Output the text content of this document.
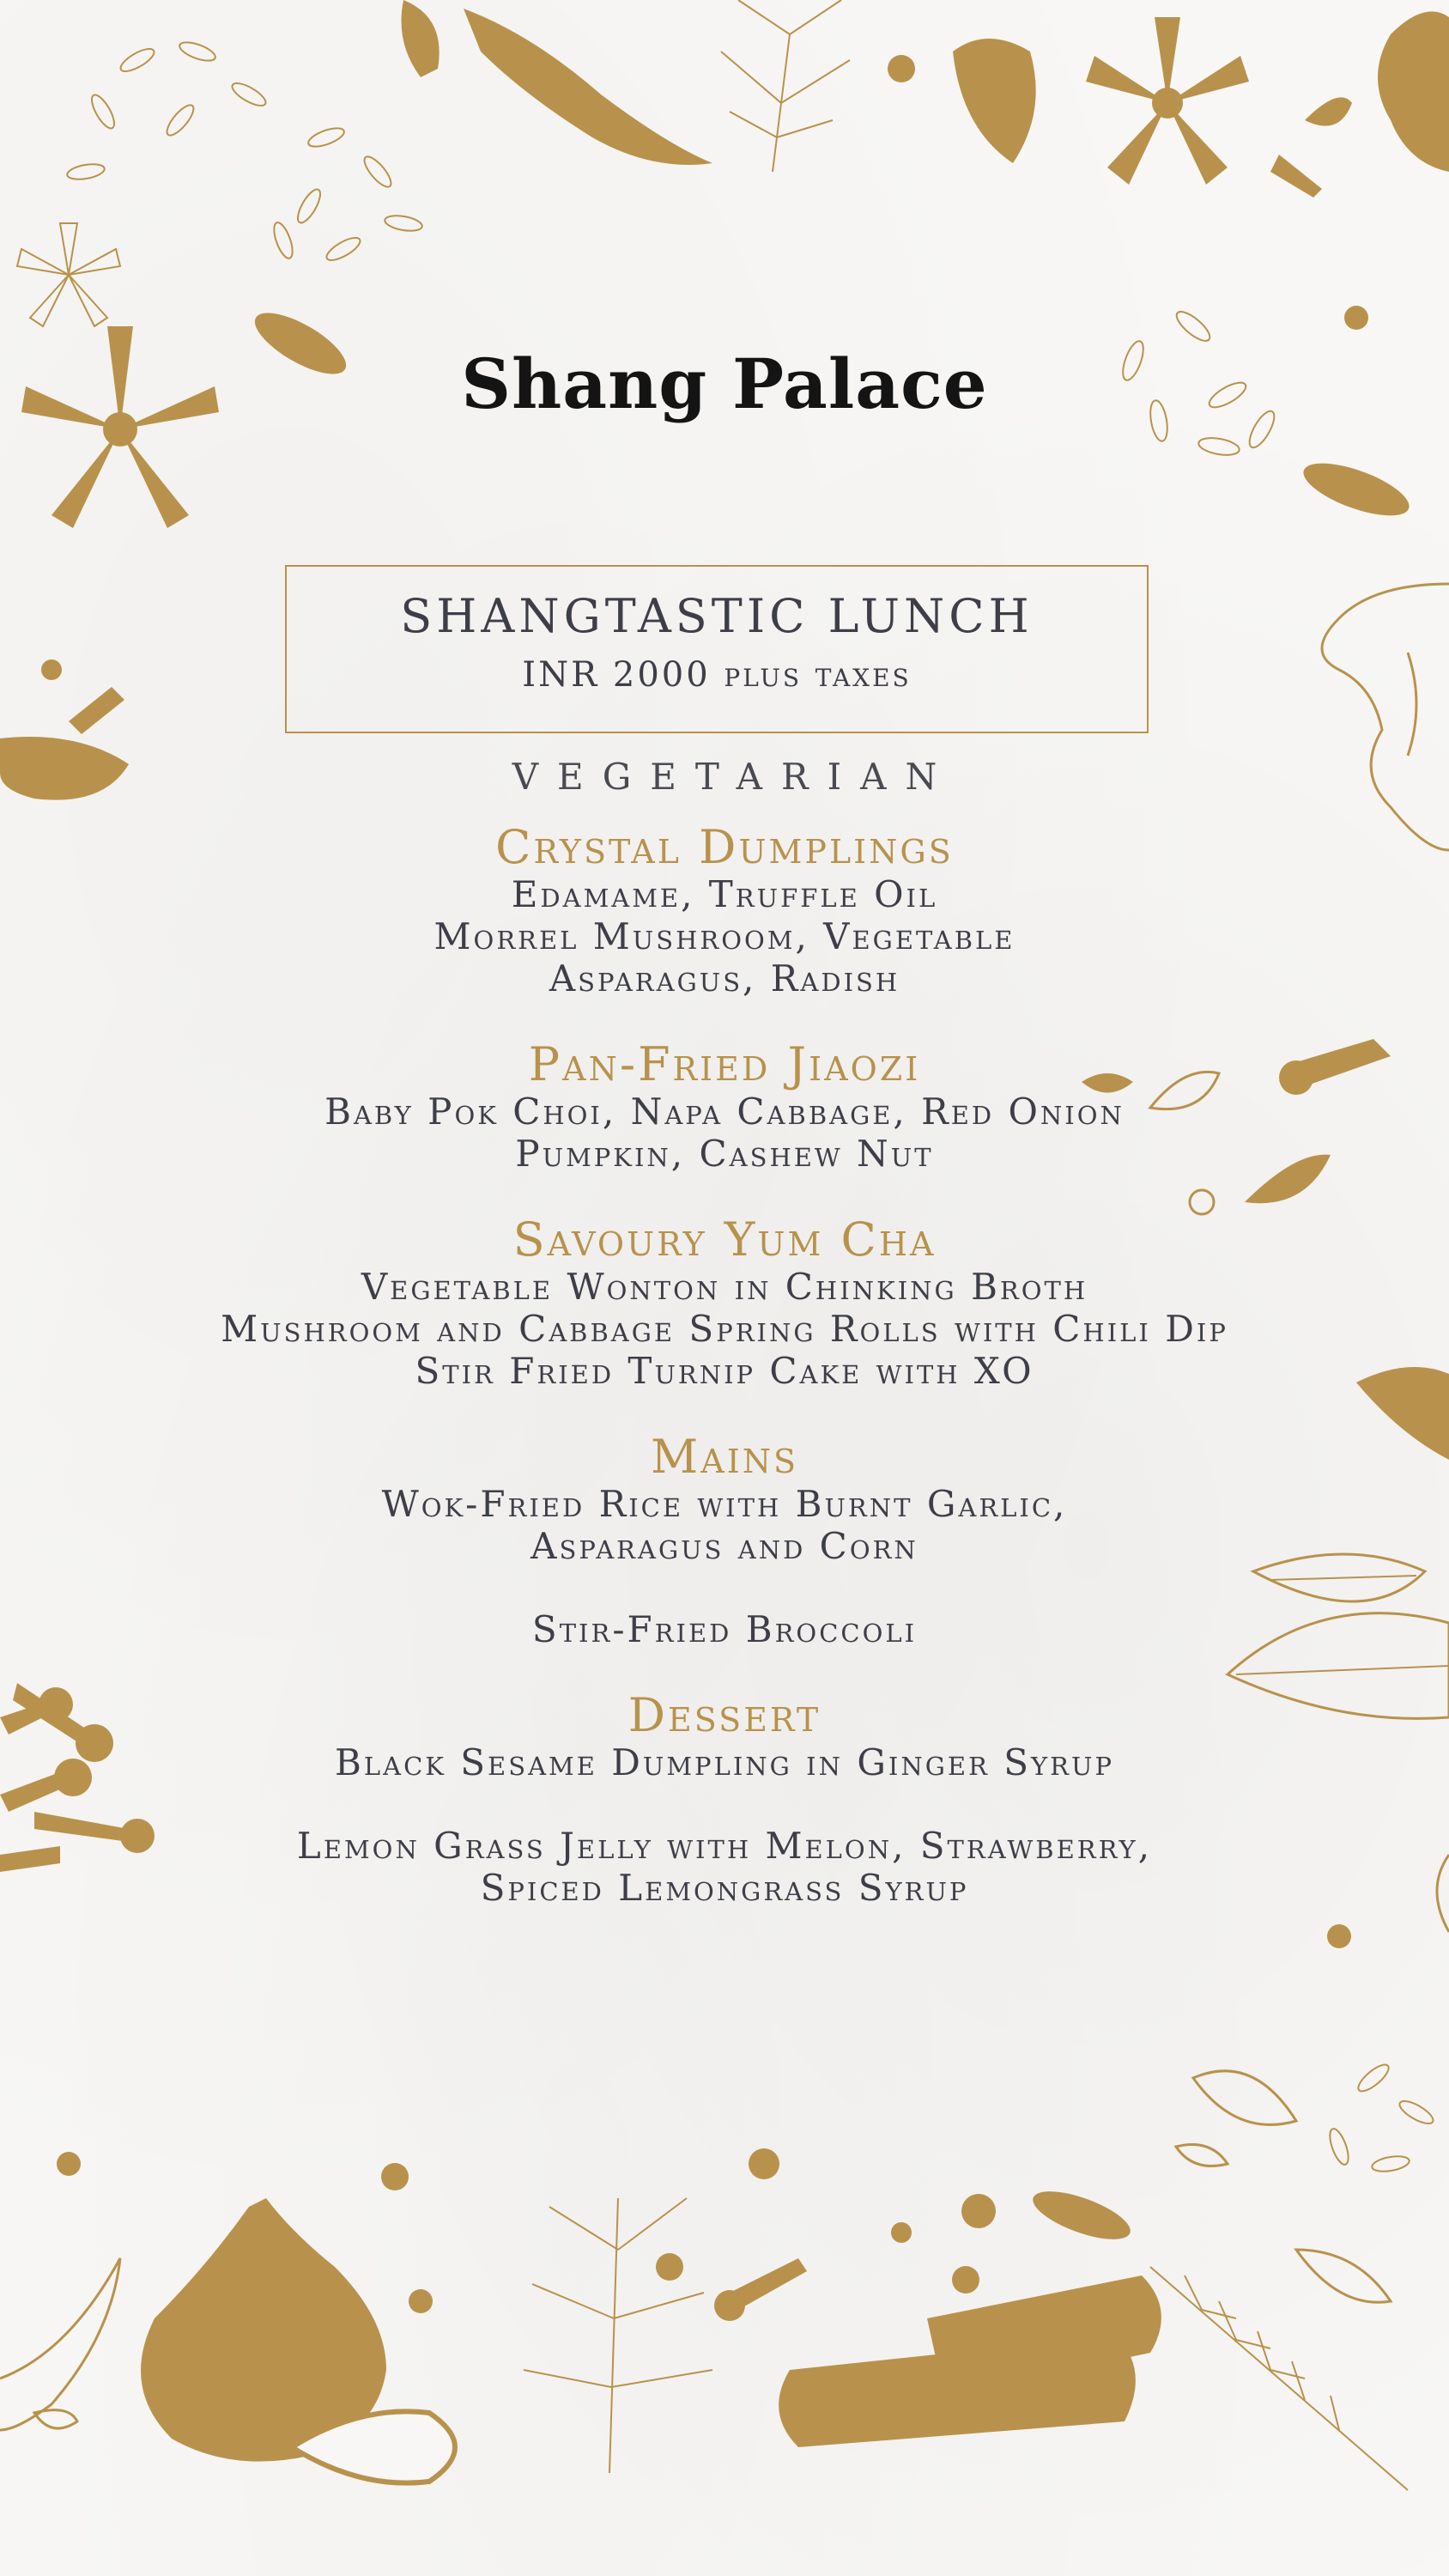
Shang Palace
SHANGTASTIC LUNCH
INR 2000 plus taxes
VEGETARIAN
Crystal Dumplings
Edamame, Truffle Oil
Morrel Mushroom, Vegetable
Asparagus, Radish
Pan-Fried Jiaozi
Baby Pok Choi, Napa Cabbage, Red Onion
Pumpkin, Cashew Nut
Savoury Yum Cha
Vegetable Wonton in Chinking Broth
Mushroom and Cabbage Spring Rolls with Chili Dip
Stir Fried Turnip Cake with XO
Mains
Wok-Fried Rice with Burnt Garlic,
Asparagus and Corn
Stir-Fried Broccoli
Dessert
Black Sesame Dumpling in Ginger Syrup
Lemon Grass Jelly with Melon, Strawberry,
Spiced Lemongrass Syrup
